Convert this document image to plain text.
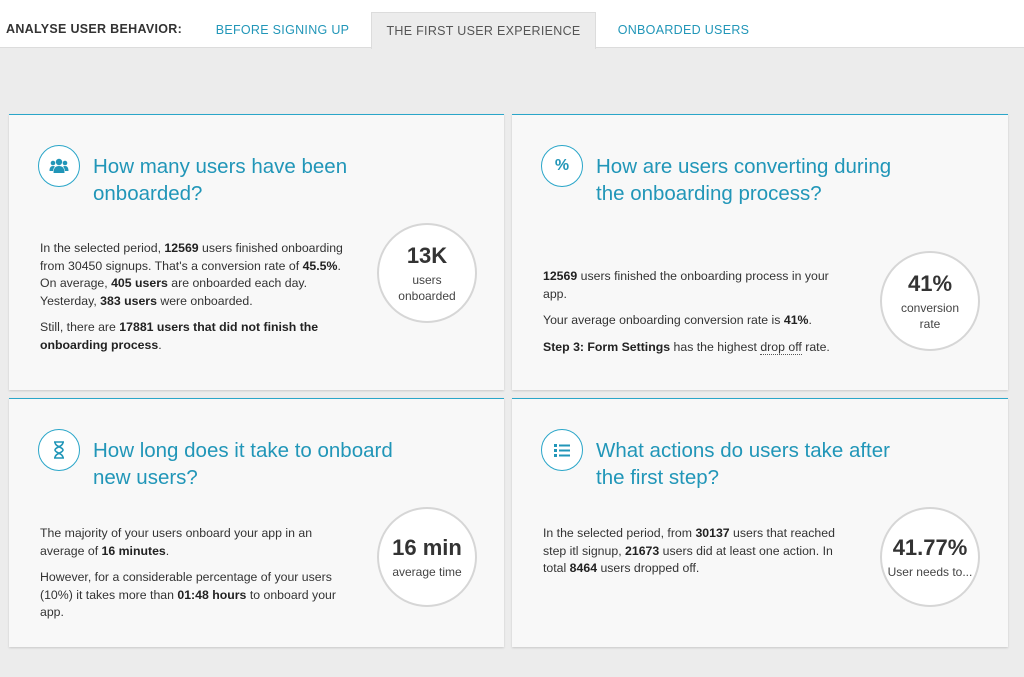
ANALYSE USER BEHAVIOR:	BEFORE SIGNING UP	THE FIRST USER EXPERIENCE	ONBOARDED USERS
How many users have been onboarded?

In the selected period, 12569 users finished onboarding from 30450 signups. That's a conversion rate of 45.5%. On average, 405 users are onboarded each day. Yesterday, 383 users were onboarded.

Still, there are 17881 users that did not finish the onboarding process.

13K
users onboarded
% How are users converting during the onboarding process?

12569 users finished the onboarding process in your app.

Your average onboarding conversion rate is 41%.

Step 3: Form Settings has the highest drop off rate.

41%
conversion rate
How long does it take to onboard new users?

The majority of your users onboard your app in an average of 16 minutes.

However, for a considerable percentage of your users (10%) it takes more than 01:48 hours to onboard your app.

16 min
average time
What actions do users take after the first step?

In the selected period, from 30137 users that reached step itl signup, 21673 users did at least one action. In total 8464 users dropped off.

41.77%
User needs to...
